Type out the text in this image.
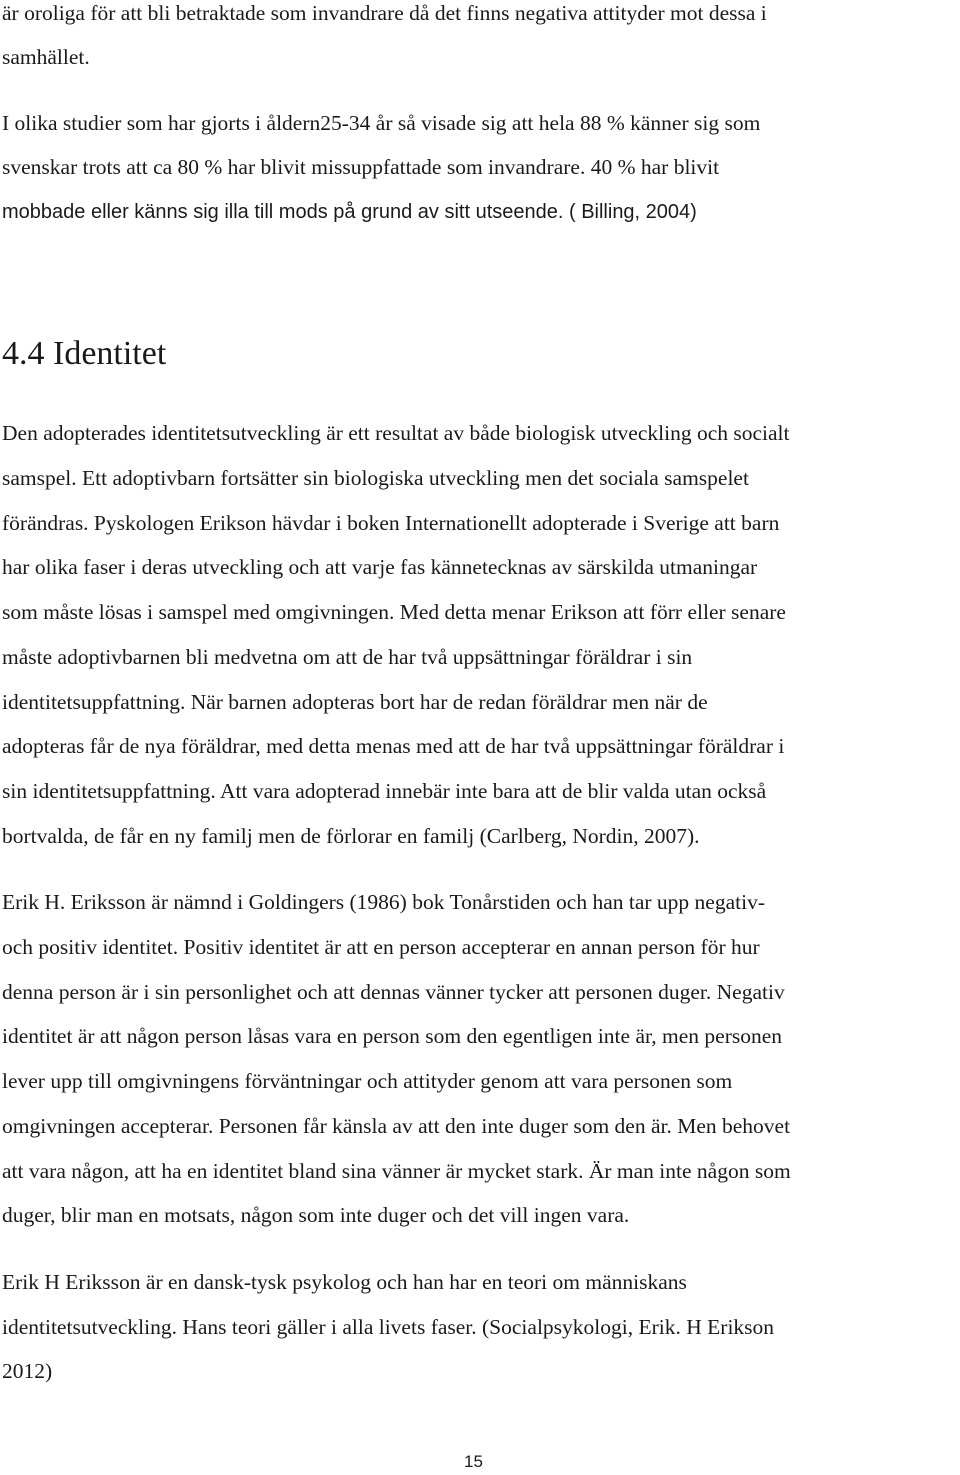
är oroliga för att bli betraktade som invandrare då det finns negativa attityder mot dessa i
samhället.
I olika studier som har gjorts i åldern25-34 år så visade sig att hela 88 % känner sig som
svenskar trots att ca 80 % har blivit missuppfattade som invandrare. 40 % har blivit
mobbade eller känns sig illa till mods på grund av sitt utseende. ( Billing, 2004)
4.4 Identitet
Den adopterades identitetsutveckling är ett resultat av både biologisk utveckling och socialt
samspel. Ett adoptivbarn fortsätter sin biologiska utveckling men det sociala samspelet
förändras. Pyskologen Erikson hävdar i boken Internationellt adopterade i Sverige att barn
har olika faser i deras utveckling och att varje fas kännetecknas av särskilda utmaningar
som måste lösas i samspel med omgivningen. Med detta menar Erikson att förr eller senare
måste adoptivbarnen bli medvetna om att de har två uppsättningar föräldrar i sin
identitetsuppfattning. När barnen adopteras bort har de redan föräldrar men när de
adopteras får de nya föräldrar, med detta menas med att de har två uppsättningar föräldrar i
sin identitetsuppfattning. Att vara adopterad innebär inte bara att de blir valda utan också
bortvalda, de får en ny familj men de förlorar en familj (Carlberg, Nordin, 2007).
Erik H. Eriksson är nämnd i Goldingers (1986) bok Tonårstiden och han tar upp negativ-
och positiv identitet. Positiv identitet är att en person accepterar en annan person för hur
denna person är i sin personlighet och att dennas vänner tycker att personen duger. Negativ
identitet är att någon person låsas vara en person som den egentligen inte är, men personen
lever upp till omgivningens förväntningar och attityder genom att vara personen som
omgivningen accepterar. Personen får känsla av att den inte duger som den är. Men behovet
att vara någon, att ha en identitet bland sina vänner är mycket stark. Är man inte någon som
duger, blir man en motsats, någon som inte duger och det vill ingen vara.
Erik H Eriksson är en dansk-tysk psykolog och han har en teori om människans
identitetsutveckling. Hans teori gäller i alla livets faser. (Socialpsykologi, Erik. H Erikson
2012)
15
